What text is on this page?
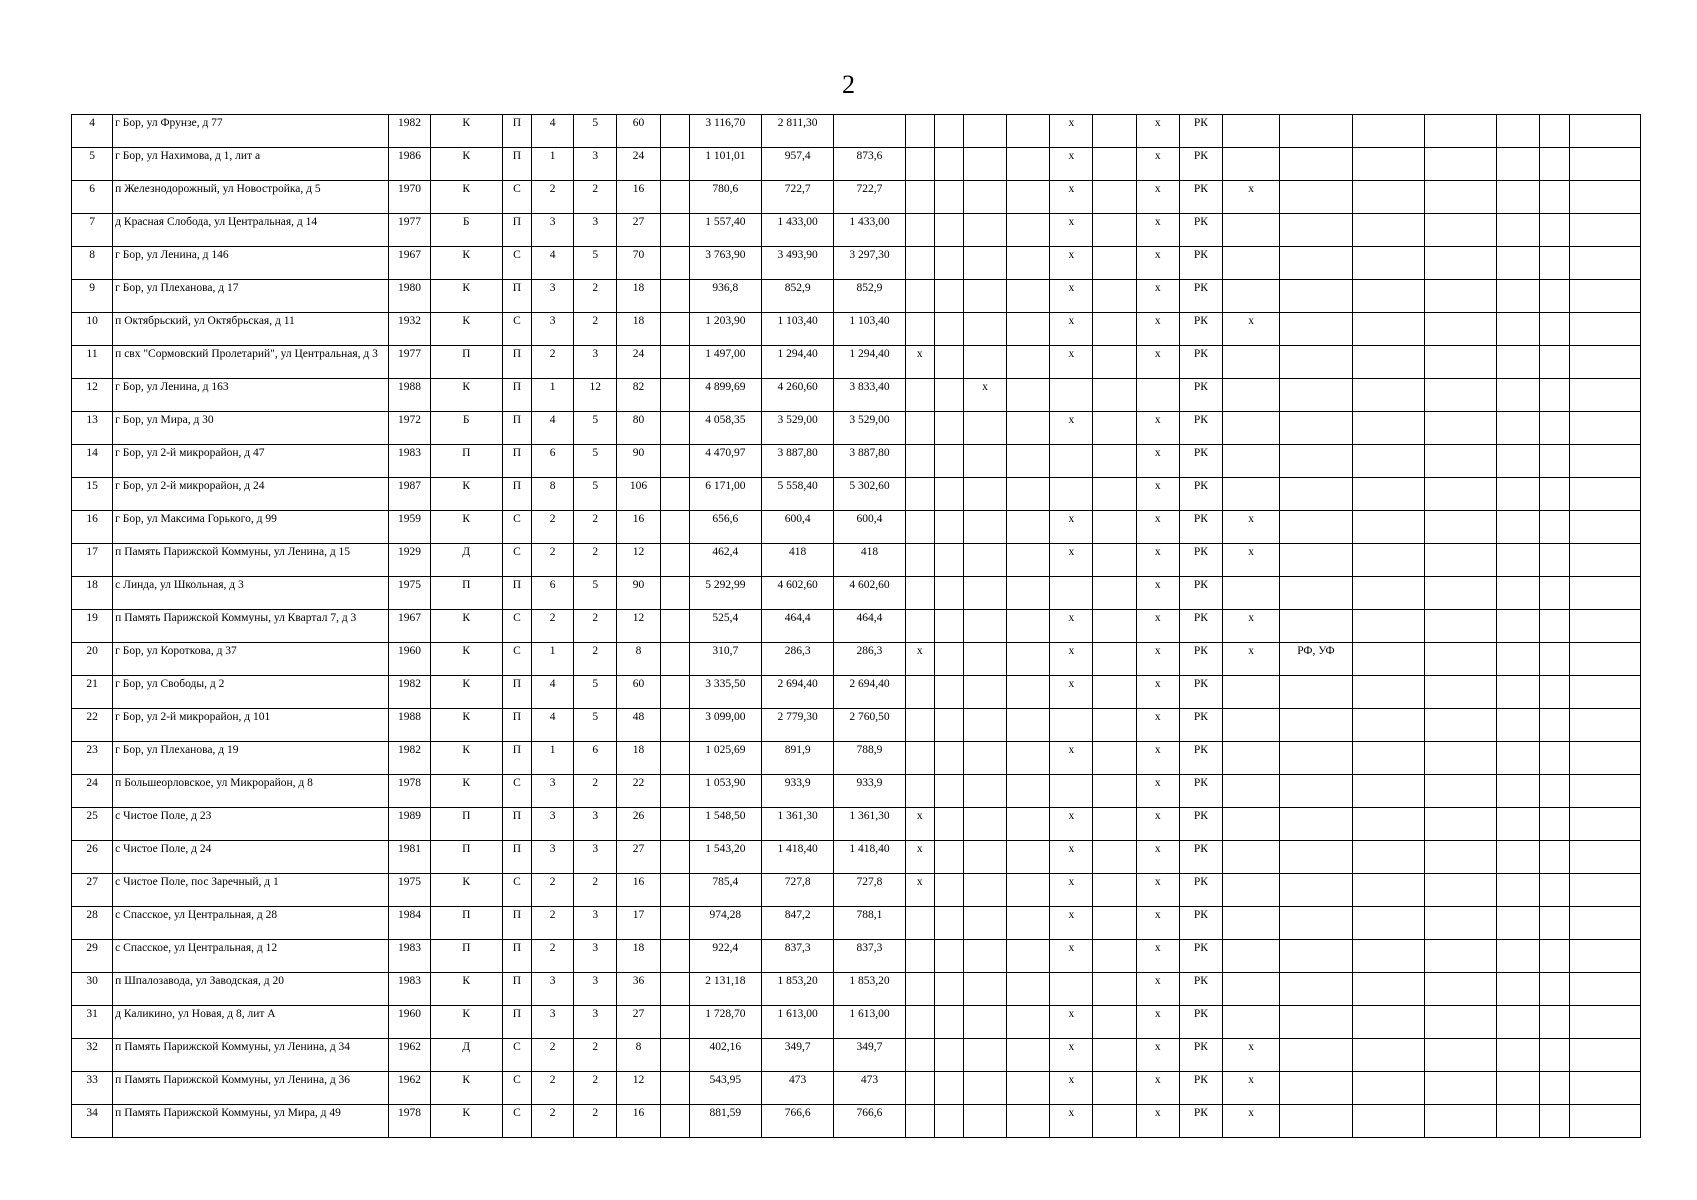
2
4	г Бор, ул Фрунзе, д 77	1982	К	П	4	5	60		3 116,70	2 811,30						х		х	РК							
5	г Бор, ул Нахимова, д 1, лит а	1986	К	П	1	3	24		1 101,01	957,4	873,6					х		х	РК							
6	п Железнодорожный, ул Новостройка, д 5	1970	К	С	2	2	16		780,6	722,7	722,7					х		х	РК	х						
7	д Красная Слобода, ул Центральная, д 14	1977	Б	П	3	3	27		1 557,40	1 433,00	1 433,00					х		х	РК							
8	г Бор, ул Ленина, д 146	1967	К	С	4	5	70		3 763,90	3 493,90	3 297,30					х		х	РК							
9	г Бор, ул Плеханова, д 17	1980	К	П	3	2	18		936,8	852,9	852,9					х		х	РК							
10	п Октябрьский, ул Октябрьская, д 11	1932	К	С	3	2	18		1 203,90	1 103,40	1 103,40					х		х	РК	х						
11	п свх "Сормовский Пролетарий", ул Центральная, д 3	1977	П	П	2	3	24		1 497,00	1 294,40	1 294,40	х				х		х	РК							
12	г Бор, ул Ленина, д 163	1988	К	П	1	12	82		4 899,69	4 260,60	3 833,40			х					РК							
13	г Бор, ул Мира, д 30	1972	Б	П	4	5	80		4 058,35	3 529,00	3 529,00					х		х	РК							
14	г Бор, ул 2-й микрорайон, д 47	1983	П	П	6	5	90		4 470,97	3 887,80	3 887,80							х	РК							
15	г Бор, ул 2-й микрорайон, д 24	1987	К	П	8	5	106		6 171,00	5 558,40	5 302,60							х	РК							
16	г Бор, ул Максима Горького, д 99	1959	К	С	2	2	16		656,6	600,4	600,4					х		х	РК	х						
17	п Память Парижской Коммуны, ул Ленина, д 15	1929	Д	С	2	2	12		462,4	418	418					х		х	РК	х						
18	с Линда, ул Школьная, д 3	1975	П	П	6	5	90		5 292,99	4 602,60	4 602,60							х	РК							
19	п Память Парижской Коммуны, ул Квартал 7, д 3	1967	К	С	2	2	12		525,4	464,4	464,4					х		х	РК	х						
20	г Бор, ул Короткова, д 37	1960	К	С	1	2	8		310,7	286,3	286,3	х				х		х	РК	х	РФ, УФ					
21	г Бор, ул Свободы, д 2	1982	К	П	4	5	60		3 335,50	2 694,40	2 694,40					х		х	РК							
22	г Бор, ул 2-й микрорайон, д 101	1988	К	П	4	5	48		3 099,00	2 779,30	2 760,50							х	РК							
23	г Бор, ул Плеханова, д 19	1982	К	П	1	6	18		1 025,69	891,9	788,9					х		х	РК							
24	п Большеорловское, ул Микрорайон, д 8	1978	К	С	3	2	22		1 053,90	933,9	933,9							х	РК							
25	с Чистое Поле, д 23	1989	П	П	3	3	26		1 548,50	1 361,30	1 361,30	х				х		х	РК							
26	с Чистое Поле, д 24	1981	П	П	3	3	27		1 543,20	1 418,40	1 418,40	х				х		х	РК							
27	с Чистое Поле, пос Заречный, д 1	1975	К	С	2	2	16		785,4	727,8	727,8	х				х		х	РК							
28	с Спасское, ул Центральная, д 28	1984	П	П	2	3	17		974,28	847,2	788,1					х		х	РК							
29	с Спасское, ул Центральная, д 12	1983	П	П	2	3	18		922,4	837,3	837,3					х		х	РК							
30	п Шпалозавода, ул Заводская, д 20	1983	К	П	3	3	36		2 131,18	1 853,20	1 853,20							х	РК							
31	д Каликино, ул Новая, д 8, лит А	1960	К	П	3	3	27		1 728,70	1 613,00	1 613,00					х		х	РК							
32	п Память Парижской Коммуны, ул Ленина, д 34	1962	Д	С	2	2	8		402,16	349,7	349,7					х		х	РК	х						
33	п Память Парижской Коммуны, ул Ленина, д 36	1962	К	С	2	2	12		543,95	473	473					х		х	РК	х						
34	п Память Парижской Коммуны, ул Мира, д 49	1978	К	С	2	2	16		881,59	766,6	766,6					х		х	РК	х						
